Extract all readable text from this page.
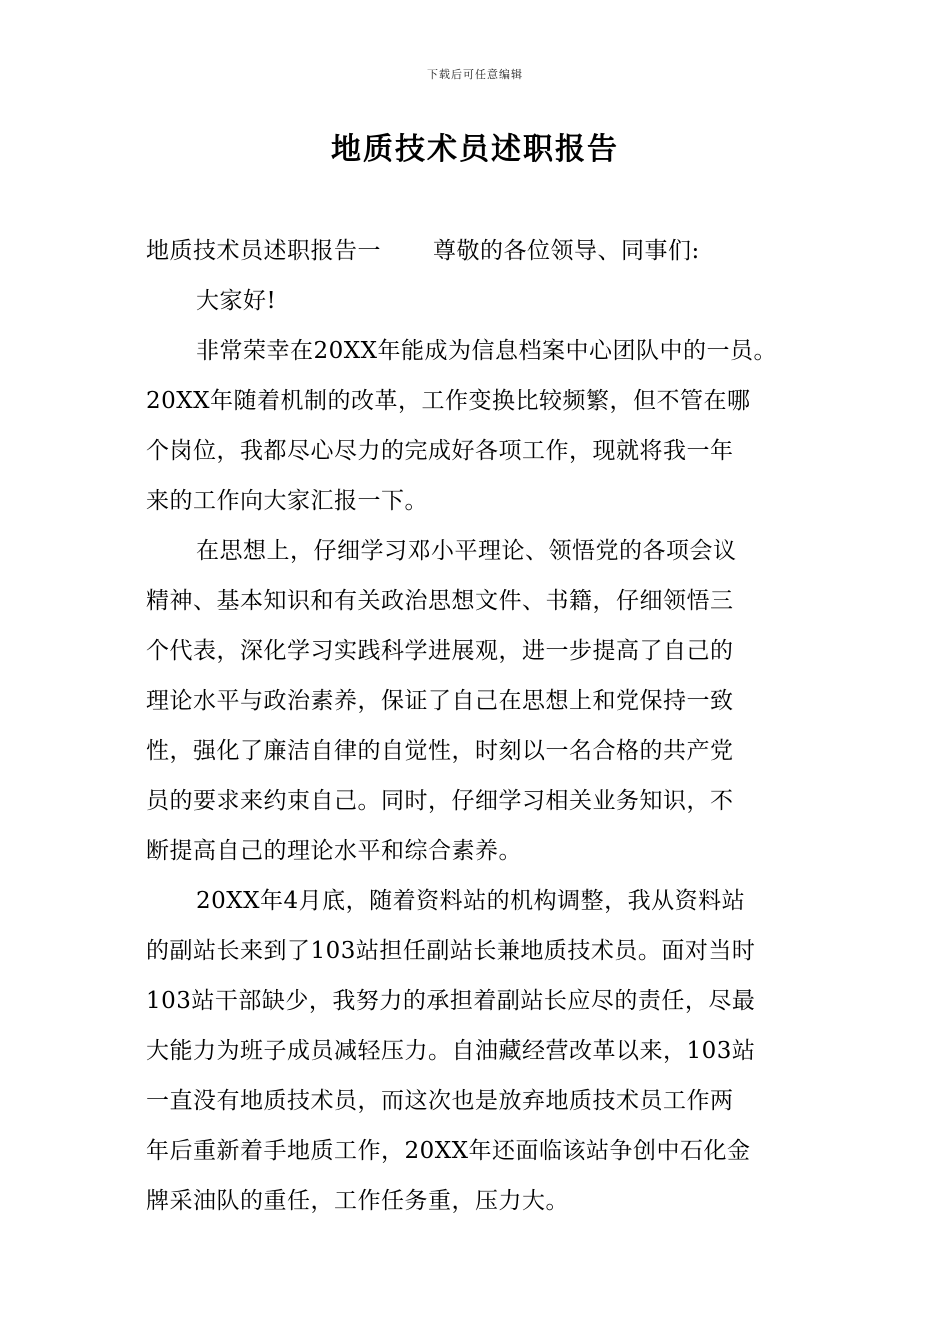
下载后可任意编辑
地质技术员述职报告

地质技术员述职报告一 尊敬的各位领导、同事们:

大家好!

非常荣幸在20XX年能成为信息档案中心团队中的一员。
20XX年随着机制的改革，工作变换比较频繁，但不管在哪
个岗位，我都尽心尽力的完成好各项工作，现就将我一年
来的工作向大家汇报一下。

在思想上，仔细学习邓小平理论、领悟党的各项会议
精神、基本知识和有关政治思想文件、书籍，仔细领悟三
个代表，深化学习实践科学进展观，进一步提高了自己的
理论水平与政治素养，保证了自己在思想上和党保持一致
性，强化了廉洁自律的自觉性，时刻以一名合格的共产党
员的要求来约束自己。同时，仔细学习相关业务知识，不
断提高自己的理论水平和综合素养。

20XX年4月底，随着资料站的机构调整，我从资料站
的副站长来到了103站担任副站长兼地质技术员。面对当时
103站干部缺少，我努力的承担着副站长应尽的责任，尽最
大能力为班子成员减轻压力。自油藏经营改革以来，103站
一直没有地质技术员，而这次也是放弃地质技术员工作两
年后重新着手地质工作，20XX年还面临该站争创中石化金
牌采油队的重任，工作任务重，压力大。
